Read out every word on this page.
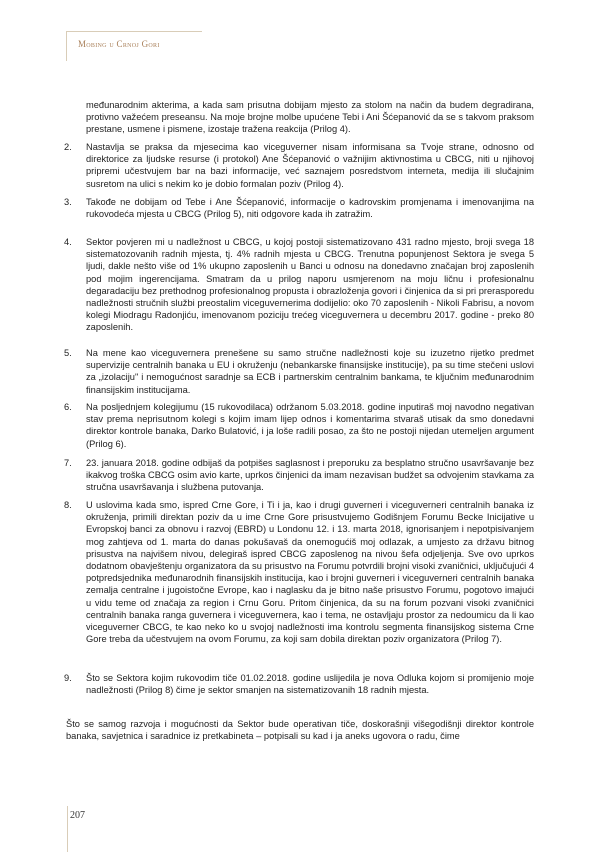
Mobing u Crnoj Gori
međunarodnim akterima, a kada sam prisutna dobijam mjesto za stolom na način da budem degradirana, protivno važećem preseansu. Na moje brojne molbe upućene Tebi i Ani Šćepanović da se s takvom praksom prestane, usmene i pismene, izostaje tražena reakcija (Prilog 4).
2. Nastavlja se praksa da mjesecima kao viceguverner nisam informisana sa Tvoje strane, odnosno od direktorice za ljudske resurse (i protokol) Ane Šćepanović o važnijim aktivnostima u CBCG, niti u njihovoj pripremi učestvujem bar na bazi informacije, već saznajem posredstvom interneta, medija ili slučajnim susretom na ulici s nekim ko je dobio formalan poziv (Prilog 4).
3. Takođe ne dobijam od Tebe i Ane Šćepanović, informacije o kadrovskim promjenama i imenovanjima na rukovodeća mjesta u CBCG (Prilog 5), niti odgovore kada ih zatražim.
4. Sektor povjeren mi u nadležnost u CBCG, u kojoj postoji sistematizovano 431 radno mjesto, broji svega 18 sistematozovanih radnih mjesta, tj. 4% radnih mjesta u CBCG. Trenutna popunjenost Sektora je svega 5 ljudi, dakle nešto više od 1% ukupno zaposlenih u Banci u odnosu na donedavno značajan broj zaposlenih pod mojim ingerencijama. Smatram da u prilog naporu usmjerenom na moju ličnu i profesionalnu degaradaciju bez prethodnog profesionalnog propusta i obrazloženja govori i činjenica da si pri prerasporedu nadležnosti stručnih službi preostalim viceguvernerima dodijelio: oko 70 zaposlenih - Nikoli Fabrisu, a novom kolegi Miodragu Radonjiću, imenovanom poziciju trećeg viceguvernera u decembru 2017. godine - preko 80 zaposlenih.
5. Na mene kao viceguvernera prenešene su samo stručne nadležnosti koje su izuzetno rijetko predmet supervizije centralnih banaka u EU i okruženju (nebankarske finansijske institucije), pa su time stečeni uslovi za „izolaciju" i nemogućnost saradnje sa ECB i partnerskim centralnim bankama, te ključnim međunarodnim finansijskim institucijama.
6. Na posljednjem kolegijumu (15 rukovodilaca) održanom 5.03.2018. godine inputiraš moj navodno negativan stav prema neprisutnom kolegi s kojim imam lijep odnos i komentarima stvaraš utisak da smo donedavni direktor kontrole banaka, Darko Bulatović, i ja loše radili posao, za što ne postoji nijedan utemeljen argument (Prilog 6).
7. 23. januara 2018. godine odbijaš da potpišes saglasnost i preporuku za besplatno stručno usavršavanje bez ikakvog troška CBCG osim avio karte, uprkos činjenici da imam nezavisan budžet sa odvojenim stavkama za stručna usavršavanja i službena putovanja.
8. U uslovima kada smo, ispred Crne Gore, i Ti i ja, kao i drugi guverneri i viceguverneri centralnih banaka iz okruženja, primili direktan poziv da u ime Crne Gore prisustvujemo Godišnjem Forumu Becke Inicijative u Evropskoj banci za obnovu i razvoj (EBRD) u Londonu 12. i 13. marta 2018, ignorisanjem i nepotpisivanjem mog zahtjeva od 1. marta do danas pokušavaš da onemogućiš moj odlazak, a umjesto za državu bitnog prisustva na najvišem nivou, delegiraš ispred CBCG zaposlenog na nivou šefa odjeljenja. Sve ovo uprkos dodatnom obavještenju organizatora da su prisustvo na Forumu potvrdili brojni visoki zvaničnici, uključujući 4 potpredsjednika međunarodnih finansijskih institucija, kao i brojni guverneri i viceguverneri centralnih banaka zemalja centralne i jugoistočne Evrope, kao i naglasku da je bitno naše prisustvo Forumu, pogotovo imajući u vidu teme od značaja za region i Crnu Goru. Pritom činjenica, da su na forum pozvani visoki zvaničnici centralnih banaka ranga guvernera i viceguvernera, kao i tema, ne ostavljaju prostor za nedoumicu da li kao viceguverner CBCG, te kao neko ko u svojoj nadležnosti ima kontrolu segmenta finansijskog sistema Crne Gore treba da učestvujem na ovom Forumu, za koji sam dobila direktan poziv organizatora (Prilog 7).
9. Što se Sektora kojim rukovodim tiče 01.02.2018. godine uslijedila je nova Odluka kojom si promijenio moje nadležnosti (Prilog 8) čime je sektor smanjen na sistematizovanih 18 radnih mjesta.
Što se samog razvoja i mogućnosti da Sektor bude operativan tiče, doskorašnji višegodišnji direktor kontrole banaka, savjetnica i saradnice iz pretkabineta – potpisali su kad i ja aneks ugovora o radu, čime
207
